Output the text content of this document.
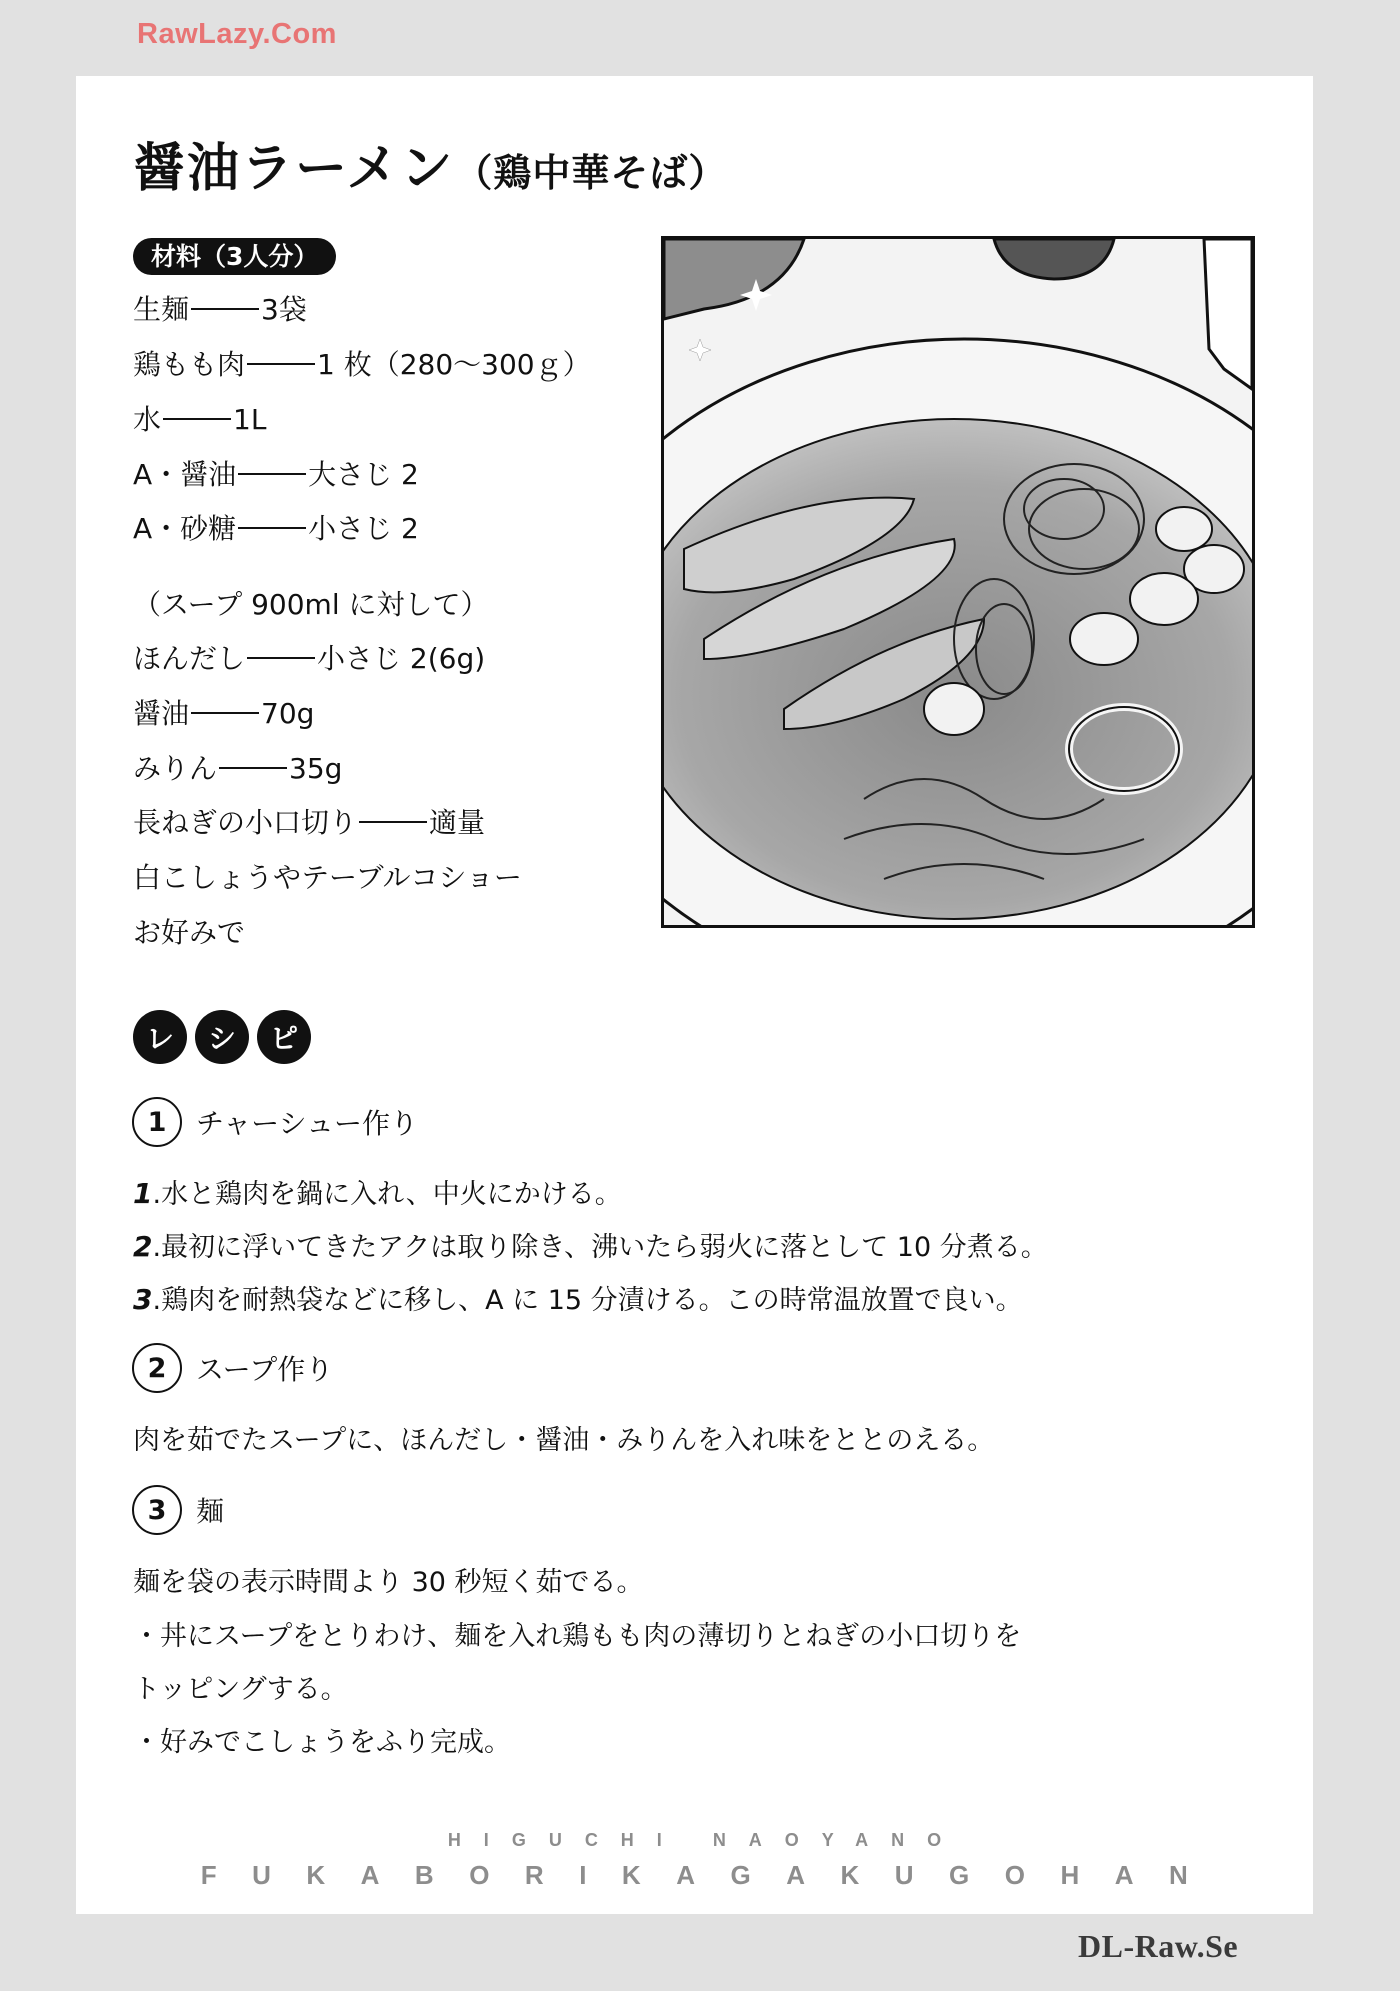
RawLazy.Com
醤油ラーメン（鶏中華そば）
材料（3人分）
生麺	3袋
鶏もも肉	1 枚（280～300ｇ）
水	1L
A・醤油	大さじ 2
A・砂糖	小さじ 2
（スープ 900ml に対して）
ほんだし	小さじ 2(6g)
醤油	70g
みりん	35g
長ねぎの小口切り	適量
白こしょうやテーブルコショー
お好みで
レ	シ	ピ
1	チャーシュー作り
1.水と鶏肉を鍋に入れ、中火にかける。
2.最初に浮いてきたアクは取り除き、沸いたら弱火に落として 10 分煮る。
3.鶏肉を耐熱袋などに移し、A に 15 分漬ける。この時常温放置で良い。
2	スープ作り
肉を茹でたスープに、ほんだし・醤油・みりんを入れ味をととのえる。
3	麺
麺を袋の表示時間より 30 秒短く茹でる。
・丼にスープをとりわけ、麺を入れ鶏もも肉の薄切りとねぎの小口切りを
トッピングする。
・好みでこしょうをふり完成。
HIGUCHI NAOYANO
FUKABORIKAGAKUGOHAN
DL-Raw.Se
